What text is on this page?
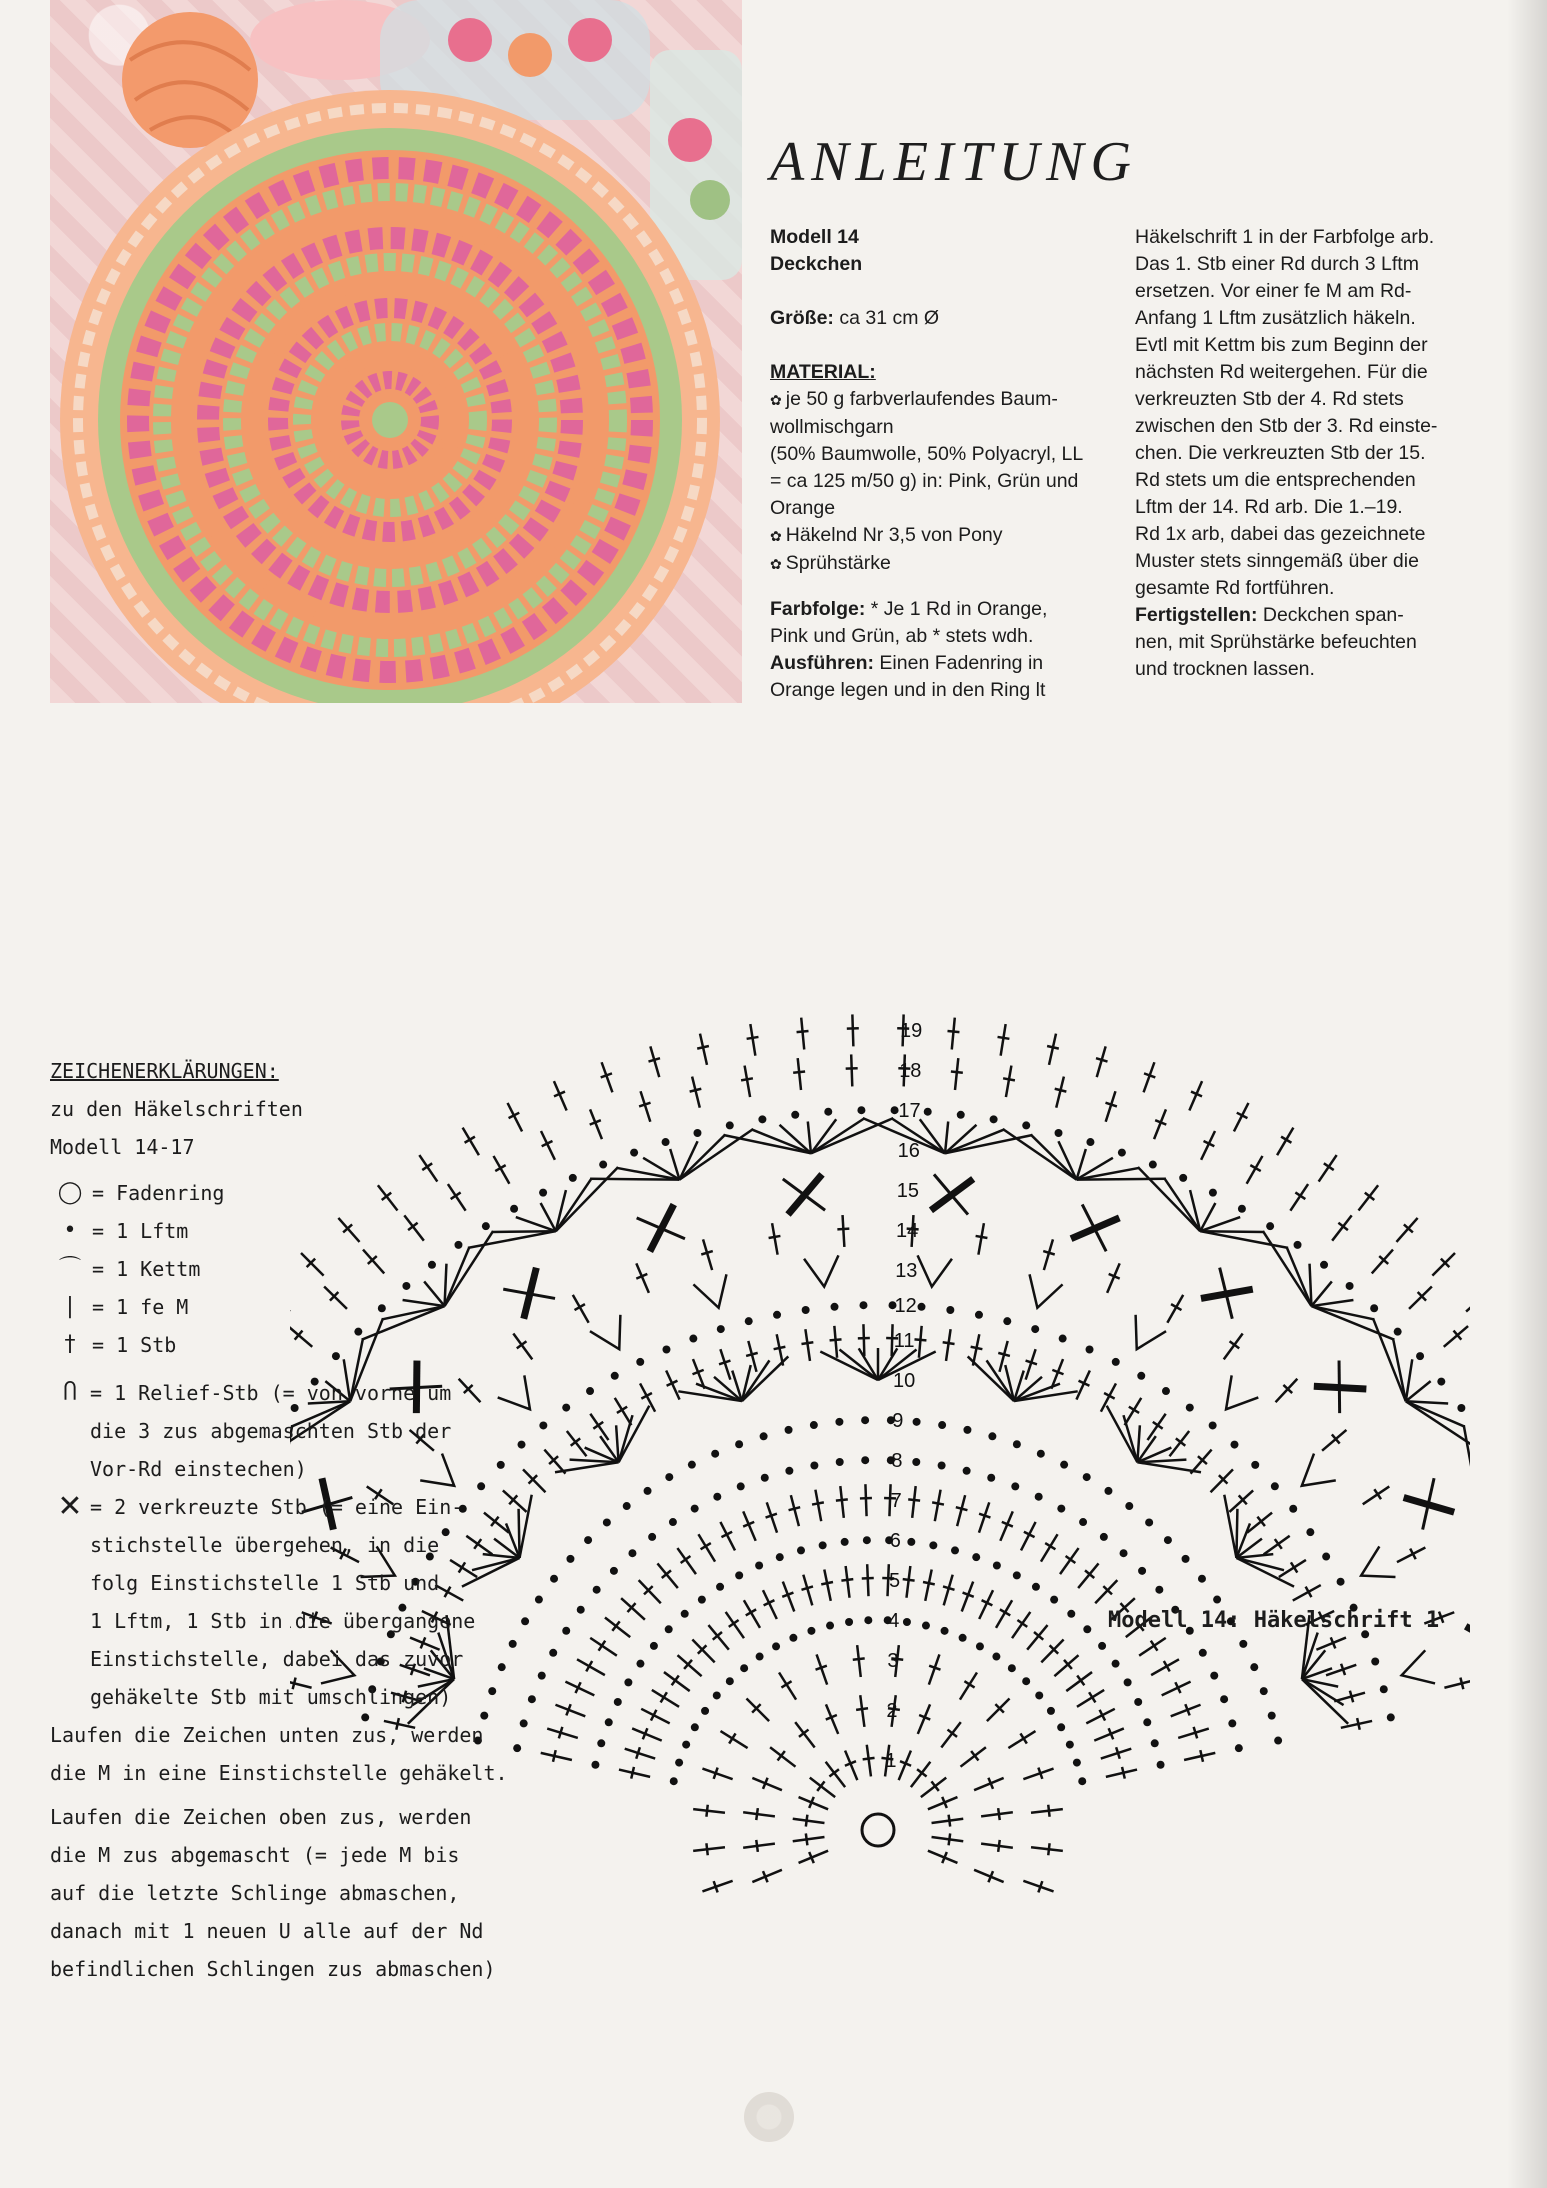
ANLEITUNG

Modell 14

Deckchen

Größe: ca 31 cm Ø

MATERIAL:

✿ je 50 g farbverlaufendes Baum-

wollmischgarn

(50% Baumwolle, 50% Polyacryl, LL

= ca 125 m/50 g) in: Pink, Grün und

Orange

✿ Häkelnd Nr 3,5 von Pony

✿ Sprühstärke

Farbfolge: * Je 1 Rd in Orange,

Pink und Grün, ab * stets wdh.

Ausführen: Einen Fadenring in

Orange legen und in den Ring lt

Häkelschrift 1 in der Farbfolge arb.

Das 1. Stb einer Rd durch 3 Lftm

ersetzen. Vor einer fe M am Rd-

Anfang 1 Lftm zusätzlich häkeln.

Evtl mit Kettm bis zum Beginn der

nächsten Rd weitergehen. Für die

verkreuzten Stb der 4. Rd stets

zwischen den Stb der 3. Rd einste-

chen. Die verkreuzten Stb der 15.

Rd stets um die entsprechenden

Lftm der 14. Rd arb. Die 1.–19.

Rd 1x arb, dabei das gezeichnete

Muster stets sinngemäß über die

gesamte Rd fortführen.

Fertigstellen: Deckchen span-

nen, mit Sprühstärke befeuchten

und trocknen lassen.

1
2
3
4
5
6
7
8
9
10
11
12
13
14
15
16
17
18
19
Modell 14: Häkelschrift 1

ZEICHENERKLÄRUNGEN:

zu den Häkelschriften

Modell 14-17

◯ = Fadenring
• = 1 Lftm
⌒ = 1 Kettm
| = 1 fe M
† = 1 Stb
Ⴖ = 1 Relief-Stb (= von vorne um

die 3 zus abgemaschten Stb der

Vor-Rd einstechen)

✕ = 2 verkreuzte Stb (= eine Ein-

stichstelle übergehen, in die

folg Einstichstelle 1 Stb und

1 Lftm, 1 Stb in die übergangene

Einstichstelle, dabei das zuvor

gehäkelte Stb mit umschlingen)

Laufen die Zeichen unten zus, werden

die M in eine Einstichstelle gehäkelt.

Laufen die Zeichen oben zus, werden

die M zus abgemascht (= jede M bis

auf die letzte Schlinge abmaschen,

danach mit 1 neuen U alle auf der Nd

befindlichen Schlingen zus abmaschen)
